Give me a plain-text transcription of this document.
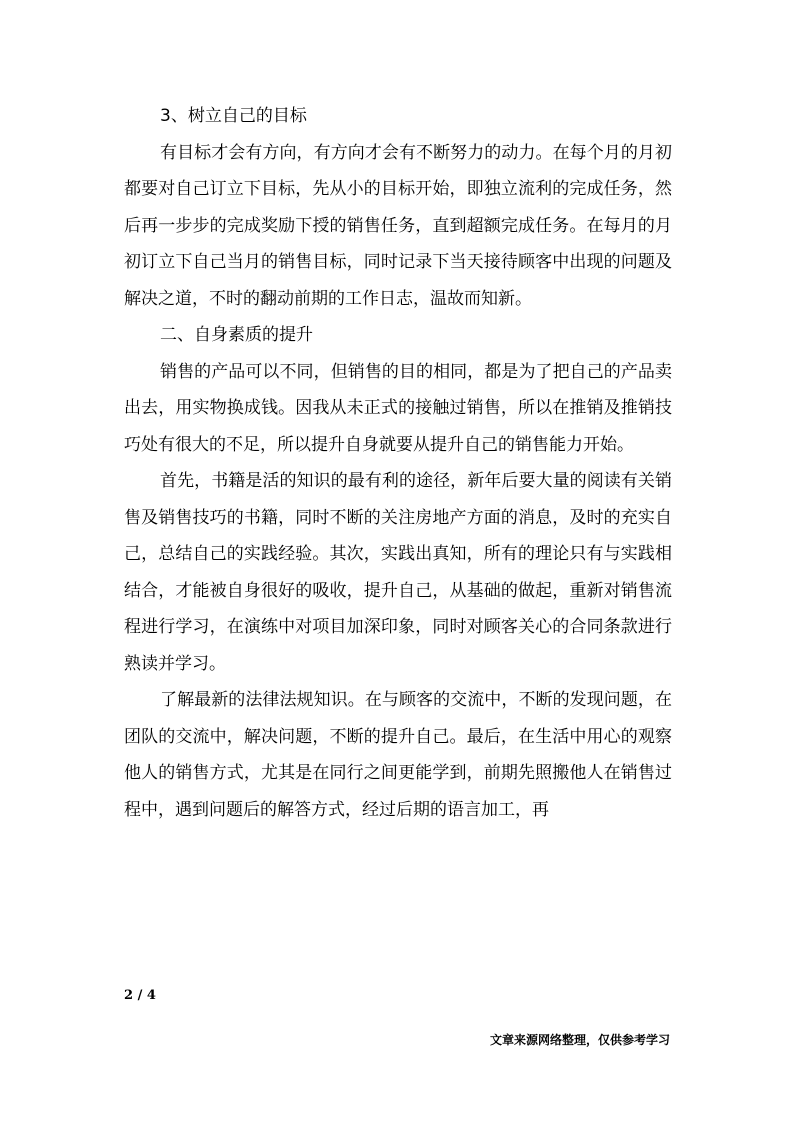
3、树立自己的目标

有目标才会有方向，有方向才会有不断努力的动力。在每个月的月初都要对自己订立下目标，先从小的目标开始，即独立流利的完成任务，然后再一步步的完成奖励下授的销售任务，直到超额完成任务。在每月的月初订立下自己当月的销售目标，同时记录下当天接待顾客中出现的问题及解决之道，不时的翻动前期的工作日志，温故而知新。

二、自身素质的提升

销售的产品可以不同，但销售的目的相同，都是为了把自己的产品卖出去，用实物换成钱。因我从未正式的接触过销售，所以在推销及推销技巧处有很大的不足，所以提升自身就要从提升自己的销售能力开始。

首先，书籍是活的知识的最有利的途径，新年后要大量的阅读有关销售及销售技巧的书籍，同时不断的关注房地产方面的消息，及时的充实自己，总结自己的实践经验。其次，实践出真知，所有的理论只有与实践相结合，才能被自身很好的吸收，提升自己，从基础的做起，重新对销售流程进行学习，在演练中对项目加深印象，同时对顾客关心的合同条款进行熟读并学习。

了解最新的法律法规知识。在与顾客的交流中，不断的发现问题，在团队的交流中，解决问题，不断的提升自己。最后，在生活中用心的观察他人的销售方式，尤其是在同行之间更能学到，前期先照搬他人在销售过程中，遇到问题后的解答方式，经过后期的语言加工，再

2 / 4
文章来源网络整理，仅供参考学习
